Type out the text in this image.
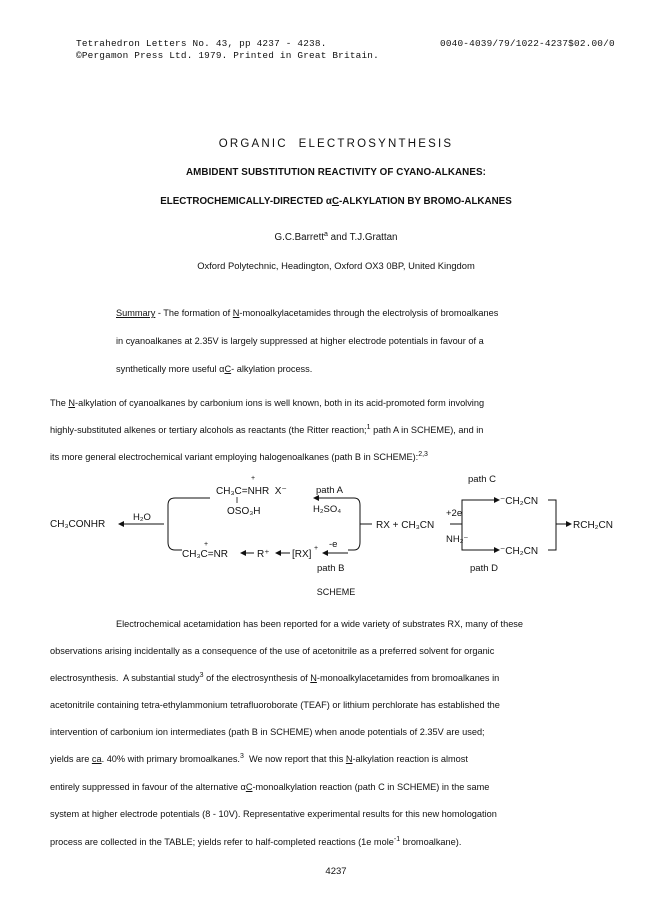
Tetrahedron Letters No. 43, pp 4237 - 4238.
©Pergamon Press Ltd. 1979. Printed in Great Britain.
0040-4039/79/1022-4237$02.00/0
ORGANIC  ELECTROSYNTHESIS
AMBIDENT SUBSTITUTION REACTIVITY OF CYANO-ALKANES:
ELECTROCHEMICALLY-DIRECTED αC-ALKYLATION BY BROMO-ALKANES
G.C.Barrett$^a$ and T.J.Grattan
Oxford Polytechnic, Headington, Oxford OX3 0BP, United Kingdom
Summary - The formation of N-monoalkylacetamides through the electrolysis of bromoalkanes
in cyanoalkanes at 2.35V is largely suppressed at higher electrode potentials in favour of a
synthetically more useful αC- alkylation process.
The N-alkylation of cyanoalkanes by carbonium ions is well known, both in its acid-promoted form involving
highly-substituted alkenes or tertiary alcohols as reactants (the Ritter reaction;$^1$ path A in SCHEME), and in
its more general electrochemical variant employing halogenoalkanes (path B in SCHEME):$^{2,3}$
CH₃CONHR
H₂O
+
CH₃C=NHR  X⁻
OSO₃H
path A
H₂SO₄
+
CH₃C=NR	R⁺ [RX]
+ -e
path B
RX + CH₃CN
path C
+2e
NH₂⁻
⁻CH₂CN
⁻CH₂CN
path D
RCH₂CN
SCHEME
Electrochemical acetamidation has been reported for a wide variety of substrates RX, many of these
observations arising incidentally as a consequence of the use of acetonitrile as a preferred solvent for organic
electrosynthesis.  A substantial study$^3$ of the electrosynthesis of N-monoalkylacetamides from bromoalkanes in
acetonitrile containing tetra-ethylammonium tetrafluoroborate (TEAF) or lithium perchlorate has established the
intervention of carbonium ion intermediates (path B in SCHEME) when anode potentials of 2.35V are used;
yields are ca. 40% with primary bromoalkanes.$^3$  We now report that this N-alkylation reaction is almost
entirely suppressed in favour of the alternative αC-monoalkylation reaction (path C in SCHEME) in the same
system at higher electrode potentials (8 - 10V). Representative experimental results for this new homologation
process are collected in the TABLE; yields refer to half-completed reactions (1e mole$^{-1}$ bromoalkane).
4237
